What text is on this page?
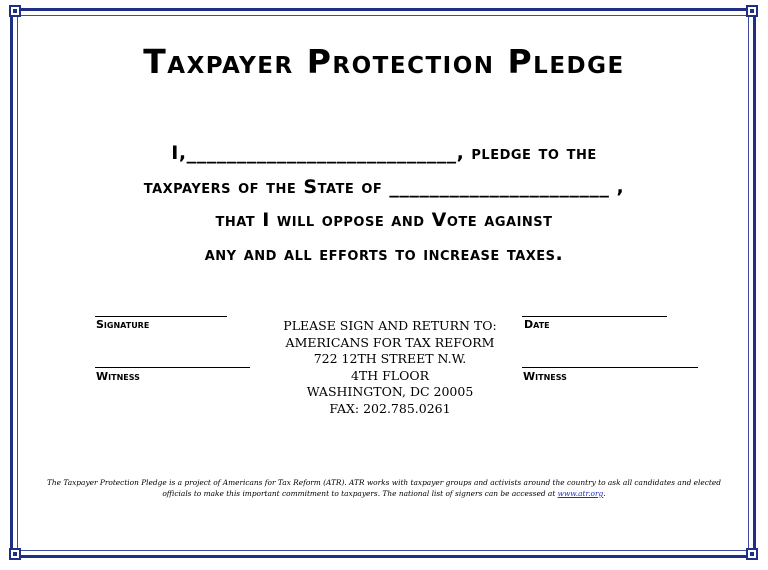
Taxpayer Protection Pledge
I,___________________________, pledge to the
taxpayers of the State of ______________________ ,
that I will oppose and Vote against
any and all efforts to increase taxes.
Signature
Witness
Date
Witness
PLEASE SIGN AND RETURN TO:
AMERICANS FOR TAX REFORM
722 12TH STREET N.W.
4TH FLOOR
WASHINGTON, DC 20005
FAX: 202.785.0261
The Taxpayer Protection Pledge is a project of Americans for Tax Reform (ATR). ATR works with taxpayer groups and activists around the country to ask all candidates and elected officials to make this important commitment to taxpayers. The national list of signers can be accessed at www.atr.org.
